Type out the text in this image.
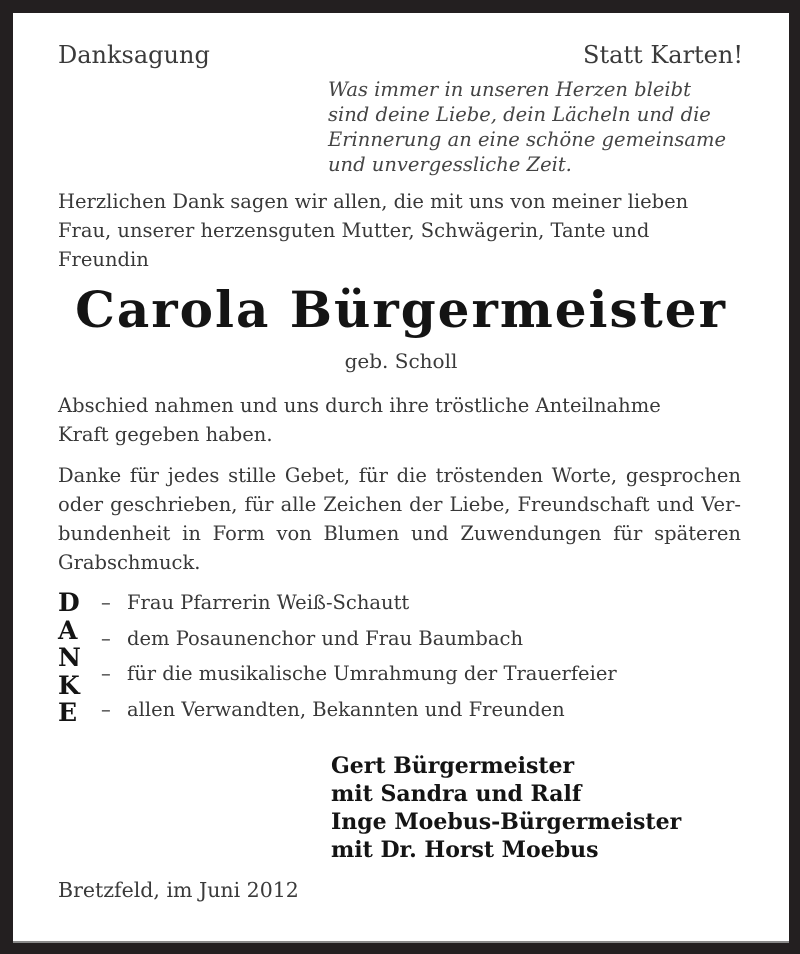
Danksagung	Statt Karten!
Was immer in unseren Herzen bleibt
sind deine Liebe, dein Lächeln und die
Erinnerung an eine schöne gemeinsame
und unvergessliche Zeit.
Herzlichen Dank sagen wir allen, die mit uns von meiner lieben
Frau, unserer herzensguten Mutter, Schwägerin, Tante und
Freundin
Carola Bürgermeister
geb. Scholl
Abschied nahmen und uns durch ihre tröstliche Anteilnahme
Kraft gegeben haben.
Danke für jedes stille Gebet, für die tröstenden Worte, gesprochen
oder geschrieben, für alle Zeichen der Liebe, Freundschaft und Ver-
bundenheit in Form von Blumen und Zuwendungen für späteren
Grabschmuck.
D
A
N
K
E
– Frau Pfarrerin Weiß-Schautt
– dem Posaunenchor und Frau Baumbach
– für die musikalische Umrahmung der Trauerfeier
– allen Verwandten, Bekannten und Freunden
Gert Bürgermeister
mit Sandra und Ralf
Inge Moebus-Bürgermeister
mit Dr. Horst Moebus
Bretzfeld, im Juni 2012
